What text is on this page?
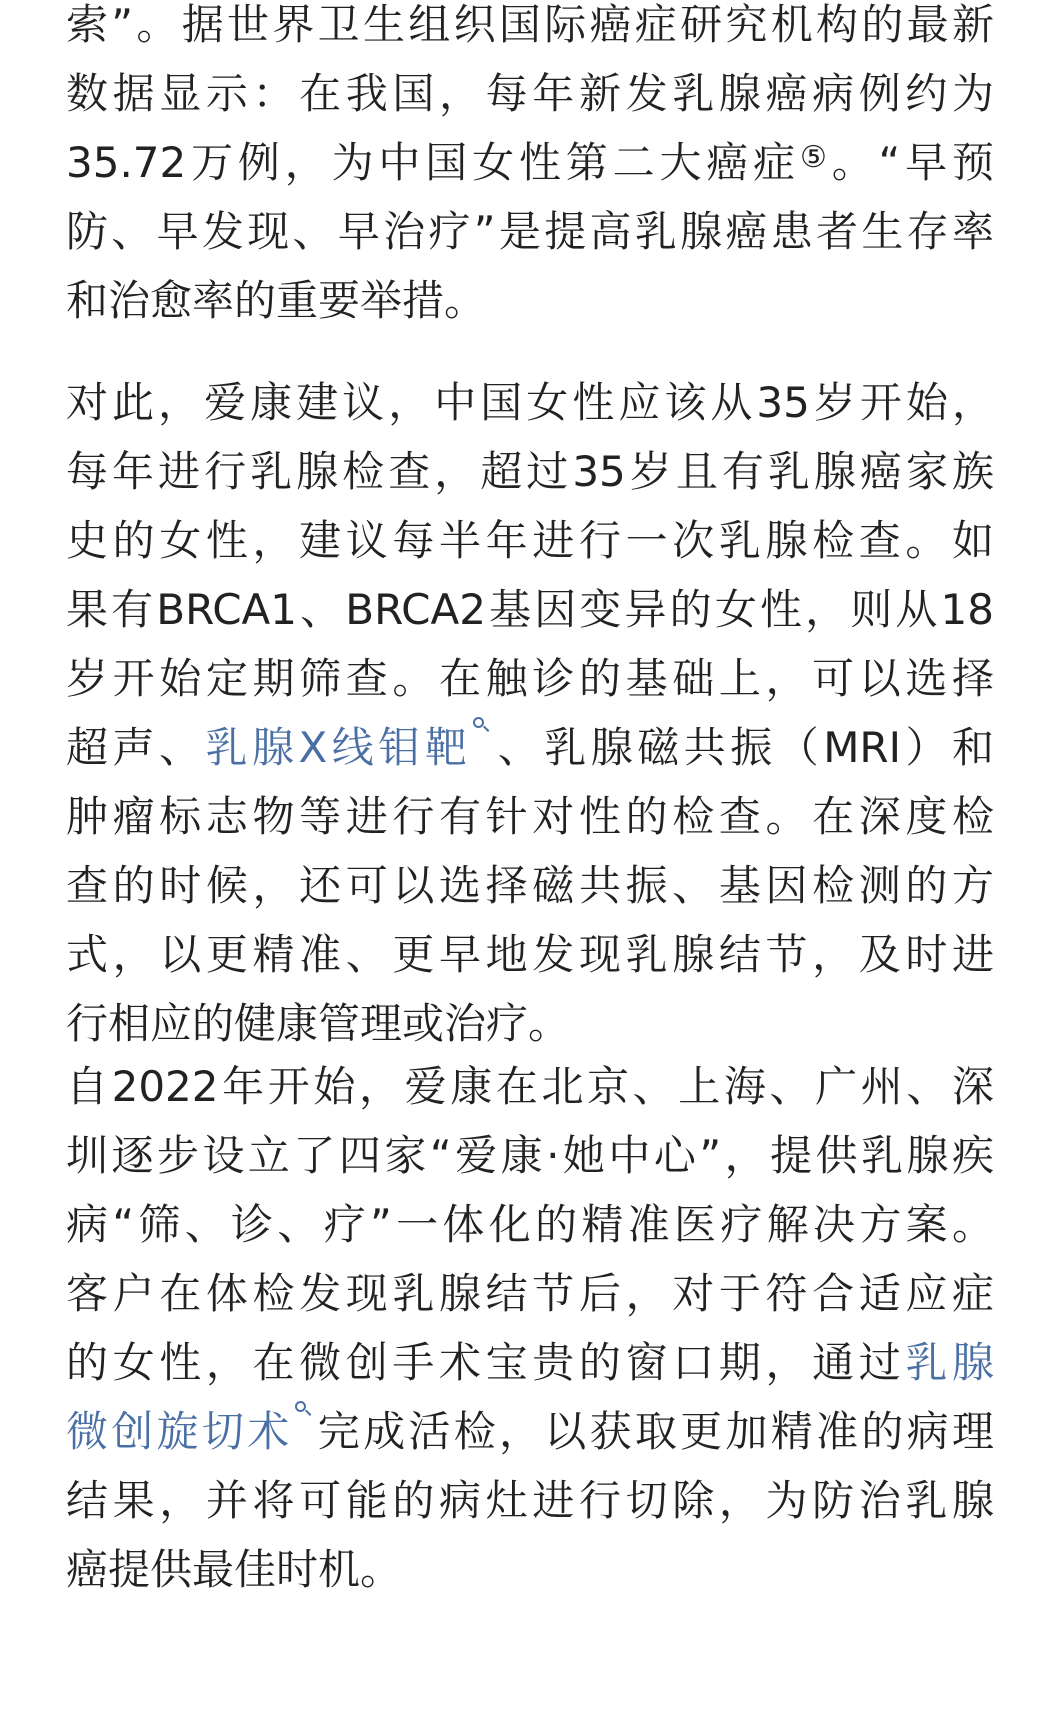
索”。据世界卫生组织国际癌症研究机构的最新
数据显示：在我国，每年新发乳腺癌病例约为
35.72万例，为中国女性第二大癌症⑤。“早预
防、早发现、早治疗”是提高乳腺癌患者生存率
和治愈率的重要举措。
对此，爱康建议，中国女性应该从35岁开始，
每年进行乳腺检查，超过35岁且有乳腺癌家族
史的女性，建议每半年进行一次乳腺检查。如
果有BRCA1、BRCA2基因变异的女性，则从18
岁开始定期筛查。在触诊的基础上，可以选择
超声、乳腺X线钼靶 、乳腺磁共振（MRI）和
肿瘤标志物等进行有针对性的检查。在深度检
查的时候，还可以选择磁共振、基因检测的方
式，以更精准、更早地发现乳腺结节，及时进
行相应的健康管理或治疗。
自2022年开始，爱康在北京、上海、广州、深
圳逐步设立了四家“爱康·她中心”，提供乳腺疾
病“筛、诊、疗”一体化的精准医疗解决方案。
客户在体检发现乳腺结节后，对于符合适应症
的女性，在微创手术宝贵的窗口期，通过乳腺
微创旋切术 完成活检，以获取更加精准的病理
结果，并将可能的病灶进行切除，为防治乳腺
癌提供最佳时机。
